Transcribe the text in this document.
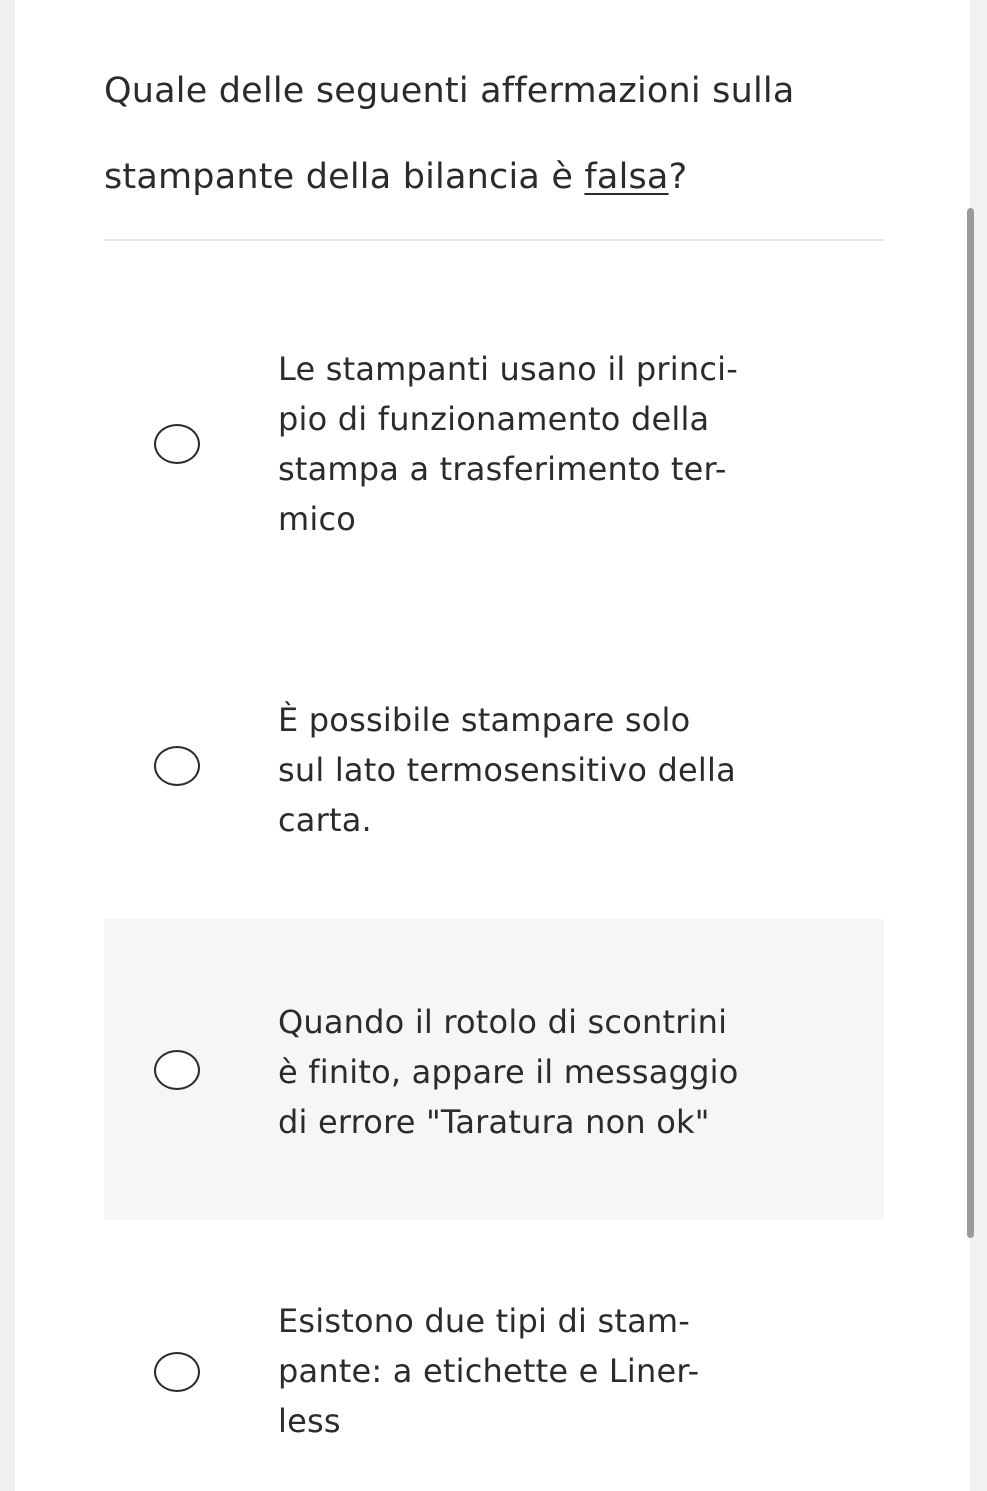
Quale delle seguenti affermazioni sulla stampante della bilancia è falsa?
Le stampanti usano il princi-
pio di funzionamento della
stampa a trasferimento ter-
mico
È possibile stampare solo
sul lato termosensitivo della
carta.
Quando il rotolo di scontrini
è finito, appare il messaggio
di errore "Taratura non ok"
Esistono due tipi di stam-
pante: a etichette e Liner-
less
